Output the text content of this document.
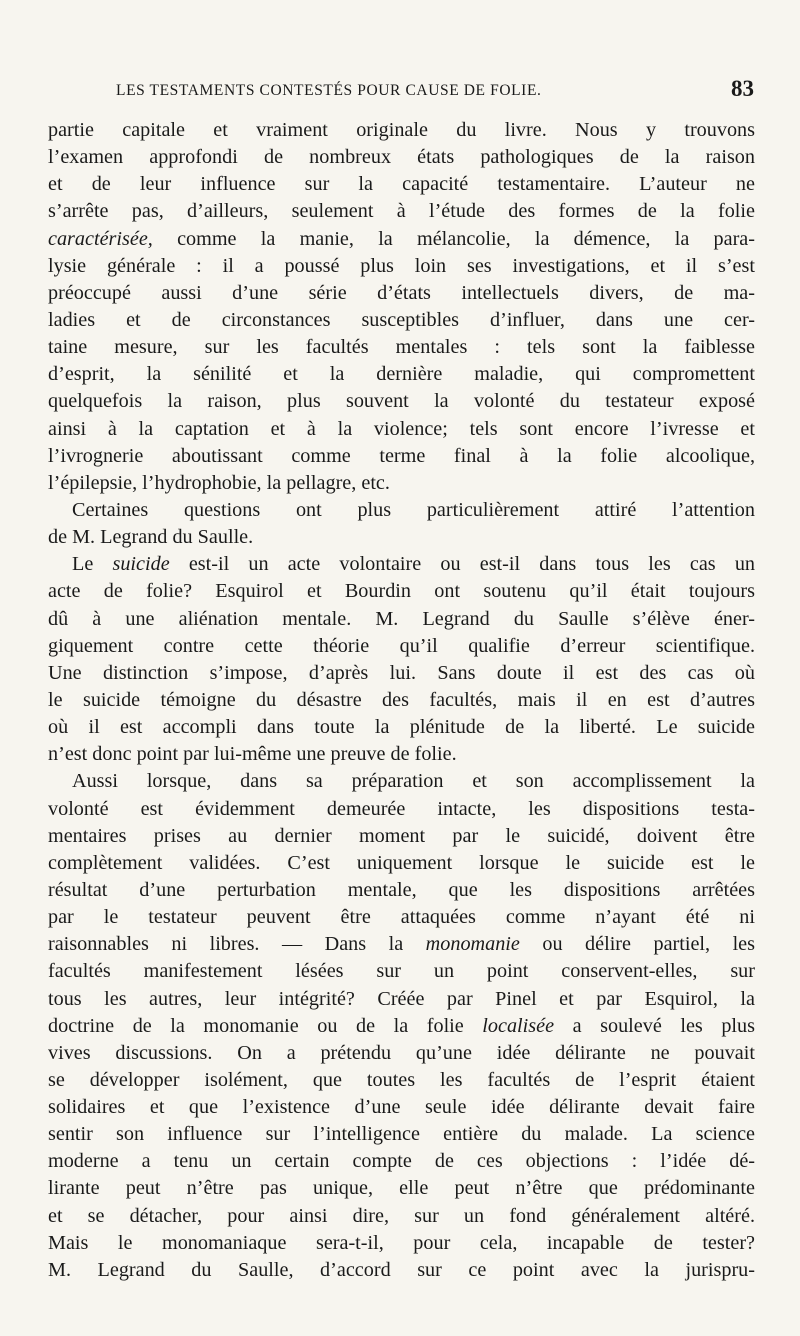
LES TESTAMENTS CONTESTÉS POUR CAUSE DE FOLIE.	83
partie capitale et vraiment originale du livre. Nous y trouvons
l’examen approfondi de nombreux états pathologiques de la raison
et de leur influence sur la capacité testamentaire. L’auteur ne
s’arrête pas, d’ailleurs, seulement à l’étude des formes de la folie
caractérisée, comme la manie, la mélancolie, la démence, la para-
lysie générale : il a poussé plus loin ses investigations, et il s’est
préoccupé aussi d’une série d’états intellectuels divers, de ma-
ladies et de circonstances susceptibles d’influer, dans une cer-
taine mesure, sur les facultés mentales : tels sont la faiblesse
d’esprit, la sénilité et la dernière maladie, qui compromettent
quelquefois la raison, plus souvent la volonté du testateur exposé
ainsi à la captation et à la violence; tels sont encore l’ivresse et
l’ivrognerie aboutissant comme terme final à la folie alcoolique,
l’épilepsie, l’hydrophobie, la pellagre, etc.
Certaines questions ont plus particulièrement attiré l’attention
de M. Legrand du Saulle.
Le suicide est-il un acte volontaire ou est-il dans tous les cas un
acte de folie? Esquirol et Bourdin ont soutenu qu’il était toujours
dû à une aliénation mentale. M. Legrand du Saulle s’élève éner-
giquement contre cette théorie qu’il qualifie d’erreur scientifique.
Une distinction s’impose, d’après lui. Sans doute il est des cas où
le suicide témoigne du désastre des facultés, mais il en est d’autres
où il est accompli dans toute la plénitude de la liberté. Le suicide
n’est donc point par lui-même une preuve de folie.
Aussi lorsque, dans sa préparation et son accomplissement la
volonté est évidemment demeurée intacte, les dispositions testa-
mentaires prises au dernier moment par le suicidé, doivent être
complètement validées. C’est uniquement lorsque le suicide est le
résultat d’une perturbation mentale, que les dispositions arrêtées
par le testateur peuvent être attaquées comme n’ayant été ni
raisonnables ni libres. — Dans la monomanie ou délire partiel, les
facultés manifestement lésées sur un point conservent-elles, sur
tous les autres, leur intégrité? Créée par Pinel et par Esquirol, la
doctrine de la monomanie ou de la folie localisée a soulevé les plus
vives discussions. On a prétendu qu’une idée délirante ne pouvait
se développer isolément, que toutes les facultés de l’esprit étaient
solidaires et que l’existence d’une seule idée délirante devait faire
sentir son influence sur l’intelligence entière du malade. La science
moderne a tenu un certain compte de ces objections : l’idée dé-
lirante peut n’être pas unique, elle peut n’être que prédominante
et se détacher, pour ainsi dire, sur un fond généralement altéré.
Mais le monomaniaque sera-t-il, pour cela, incapable de tester?
M. Legrand du Saulle, d’accord sur ce point avec la jurispru-
